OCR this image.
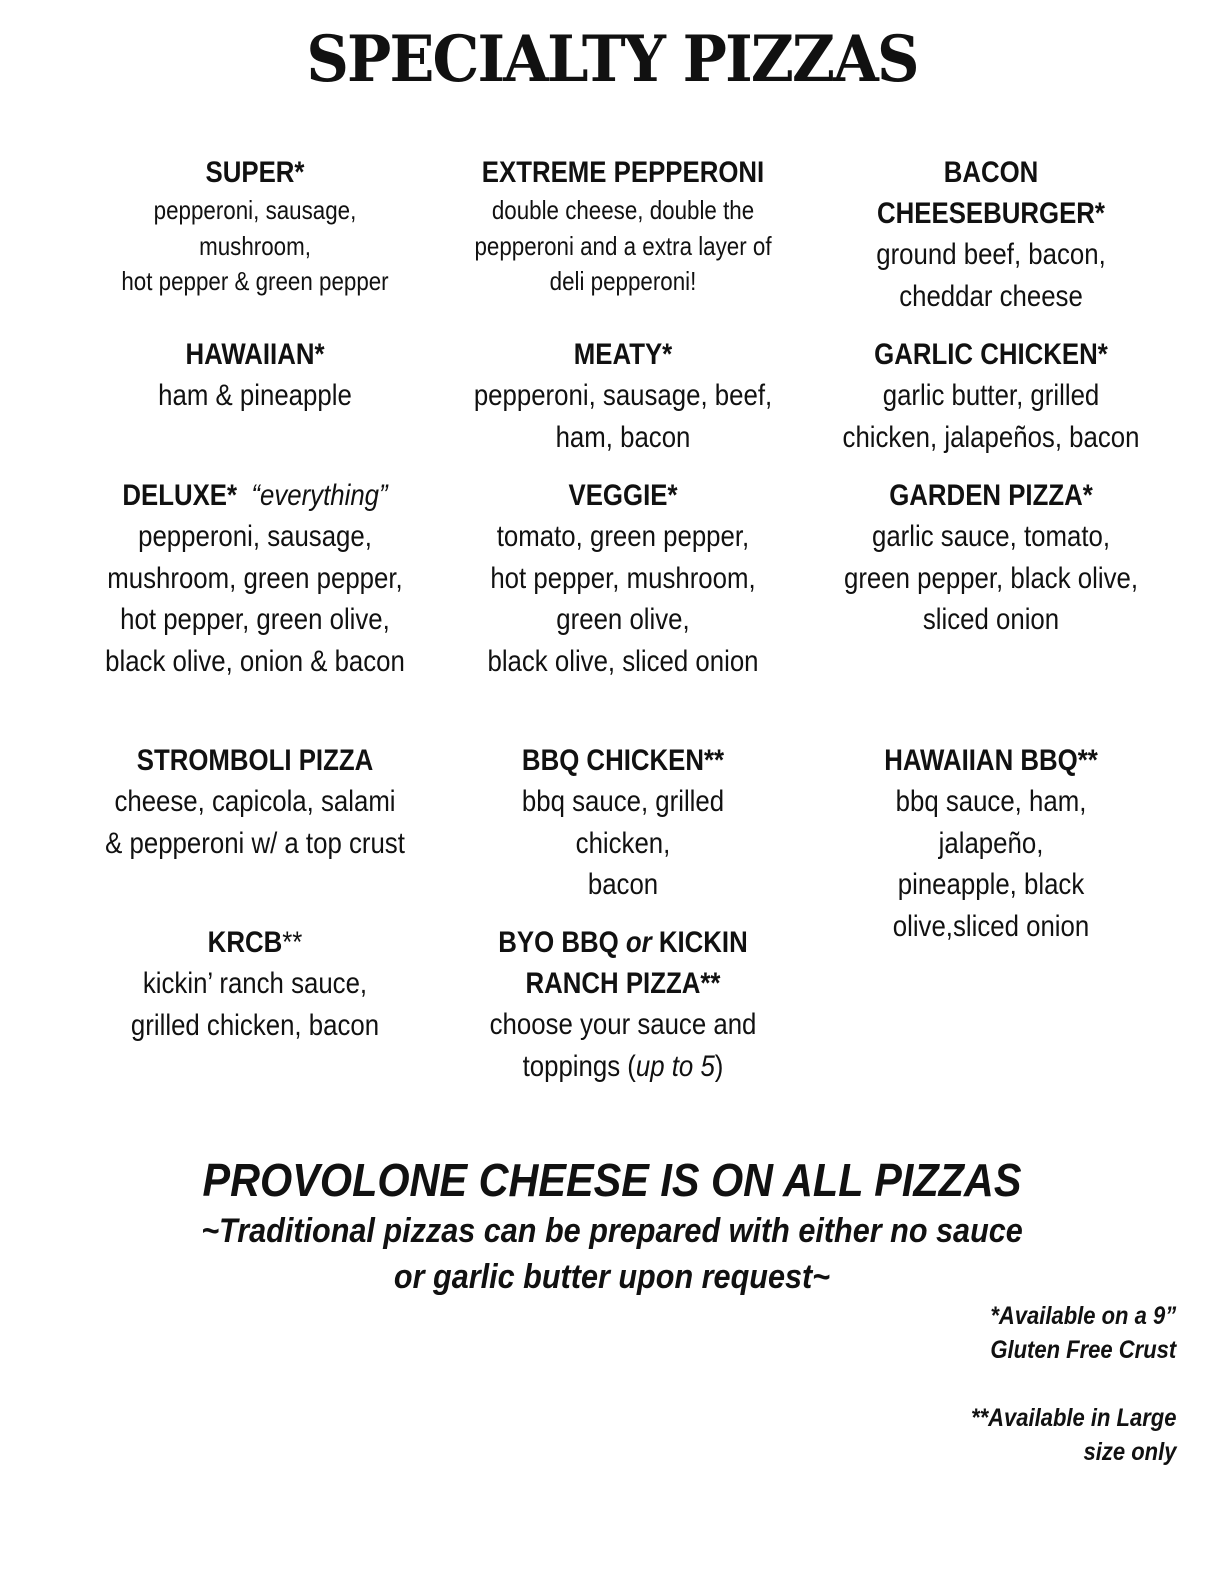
SPECIALTY PIZZAS
SUPER*
pepperoni, sausage,
mushroom,
hot pepper & green pepper
EXTREME PEPPERONI
double cheese, double the
pepperoni and a extra layer of
deli pepperoni!
BACON
CHEESEBURGER*
ground beef, bacon,
cheddar cheese
HAWAIIAN*
ham & pineapple
MEATY*
pepperoni, sausage, beef,
ham, bacon
GARLIC CHICKEN*
garlic butter, grilled
chicken, jalapeños, bacon
DELUXE* “everything”
pepperoni, sausage,
mushroom, green pepper,
hot pepper, green olive,
black olive, onion & bacon
VEGGIE*
tomato, green pepper,
hot pepper, mushroom,
green olive,
black olive, sliced onion
GARDEN PIZZA*
garlic sauce, tomato,
green pepper, black olive,
sliced onion
STROMBOLI PIZZA
cheese, capicola, salami
& pepperoni w/ a top crust
BBQ CHICKEN**
bbq sauce, grilled chicken,
bacon
HAWAIIAN BBQ**
bbq sauce, ham, jalapeño,
pineapple, black
olive,sliced onion
KRCB**
kickin’ ranch sauce,
grilled chicken, bacon
BYO BBQ or KICKIN
RANCH PIZZA**
choose your sauce and
toppings (up to 5)
PROVOLONE CHEESE IS ON ALL PIZZAS
~Traditional pizzas can be prepared with either no sauce
or garlic butter upon request~
*Available on a 9”
Gluten Free Crust
**Available in Large
size only
